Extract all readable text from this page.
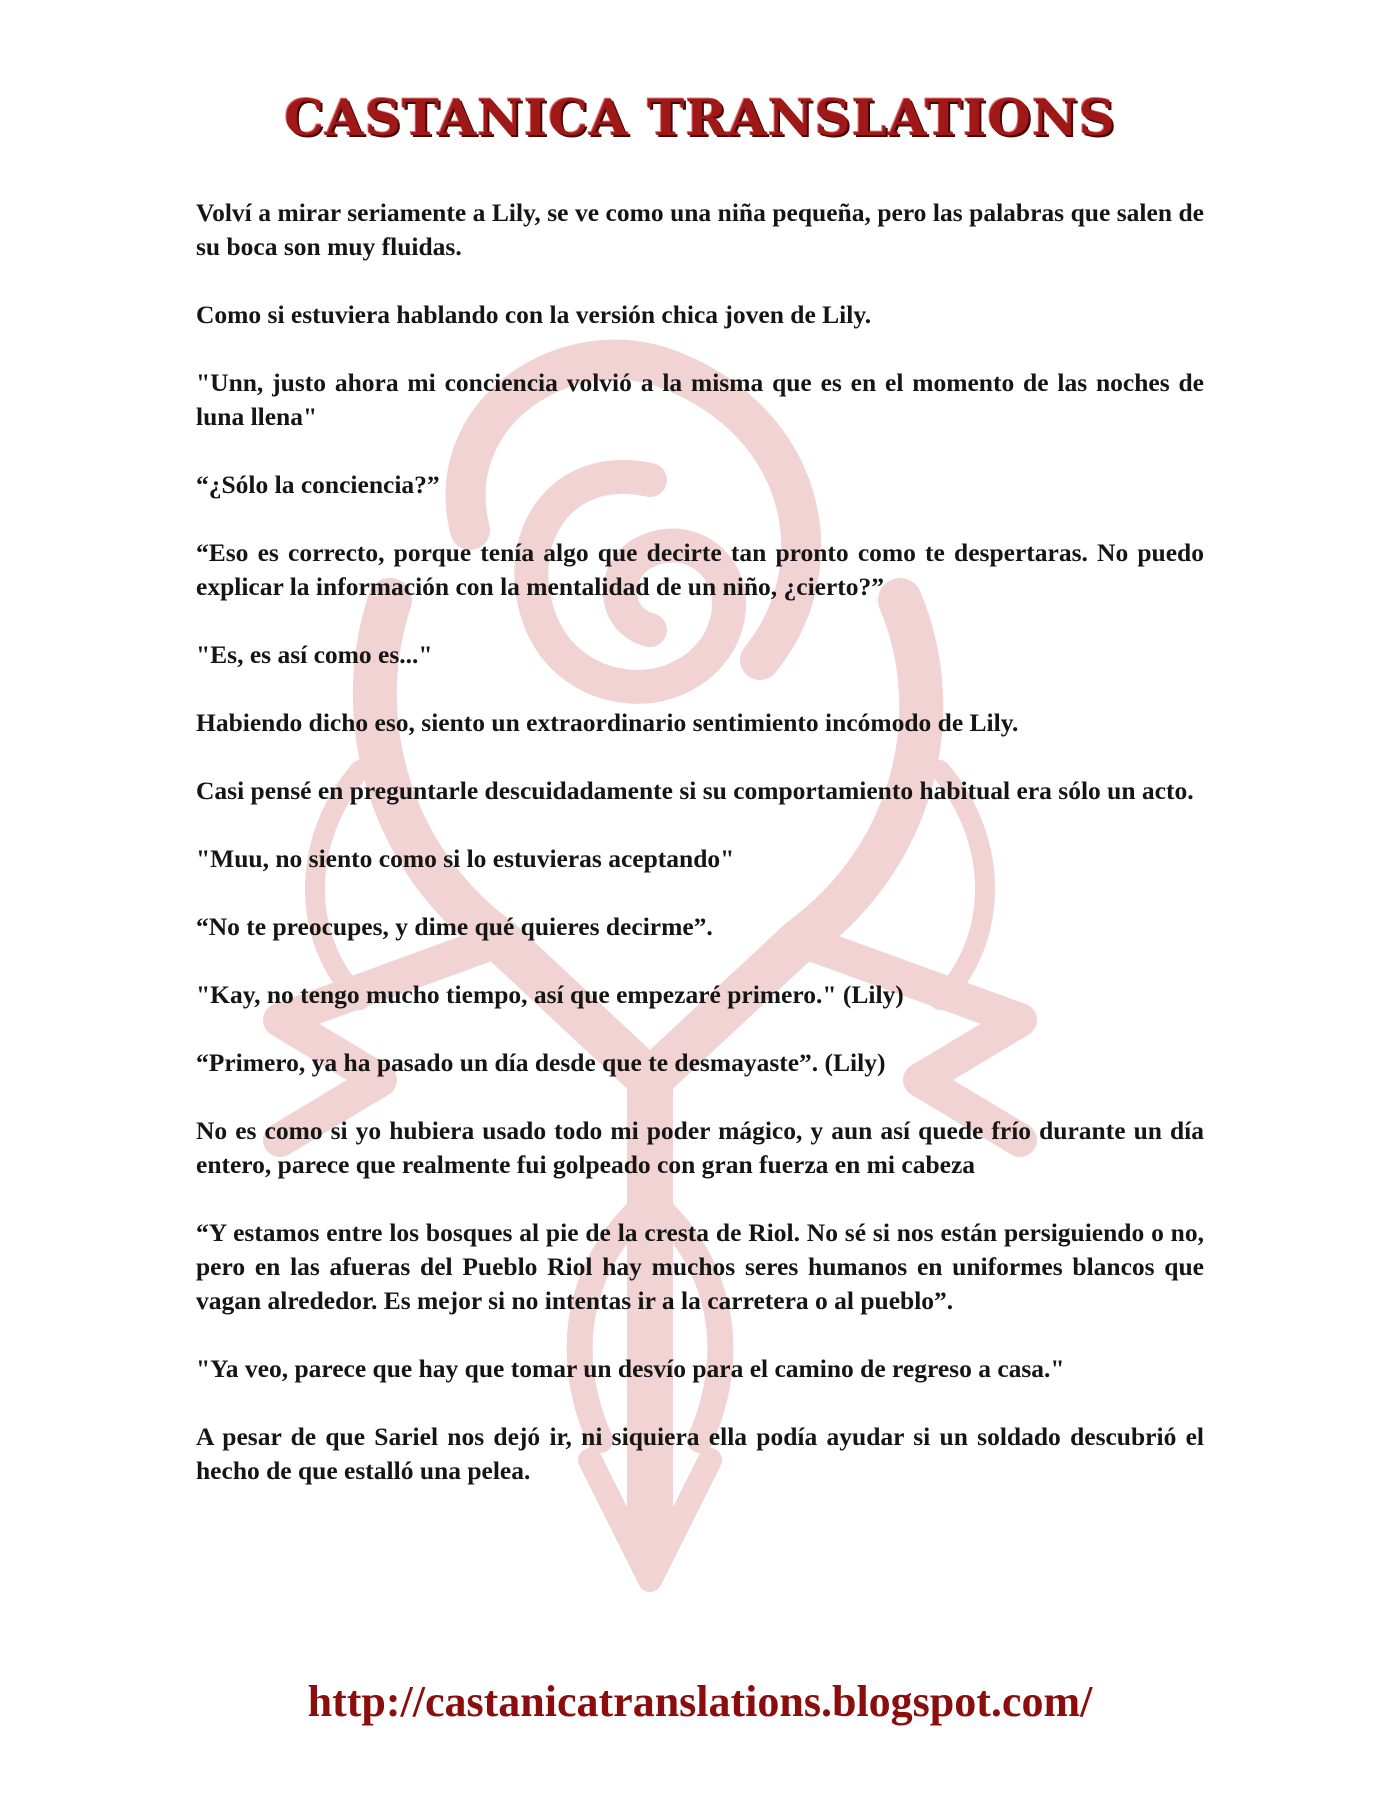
CASTANICA TRANSLATIONS

Volví a mirar seriamente a Lily, se ve como una niña pequeña, pero las palabras que salen de su boca son muy fluidas.

Como si estuviera hablando con la versión chica joven de Lily.

"Unn, justo ahora mi conciencia volvió a la misma que es en el momento de las noches de luna llena"

“¿Sólo la conciencia?”

“Eso es correcto, porque tenía algo que decirte tan pronto como te despertaras. No puedo explicar la información con la mentalidad de un niño, ¿cierto?”

"Es, es así como es..."

Habiendo dicho eso, siento un extraordinario sentimiento incómodo de Lily.

Casi pensé en preguntarle descuidadamente si su comportamiento habitual era sólo un acto.

"Muu, no siento como si lo estuvieras aceptando"

“No te preocupes, y dime qué quieres decirme”.

"Kay, no tengo mucho tiempo, así que empezaré primero." (Lily)

“Primero, ya ha pasado un día desde que te desmayaste”. (Lily)

No es como si yo hubiera usado todo mi poder mágico, y aun así quede frío durante un día entero, parece que realmente fui golpeado con gran fuerza en mi cabeza

“Y estamos entre los bosques al pie de la cresta de Riol. No sé si nos están persiguiendo o no, pero en las afueras del Pueblo Riol hay muchos seres humanos en uniformes blancos que vagan alrededor. Es mejor si no intentas ir a la carretera o al pueblo”.

"Ya veo, parece que hay que tomar un desvío para el camino de regreso a casa."

A pesar de que Sariel nos dejó ir, ni siquiera ella podía ayudar si un soldado descubrió el hecho de que estalló una pelea.

http://castanicatranslations.blogspot.com/
